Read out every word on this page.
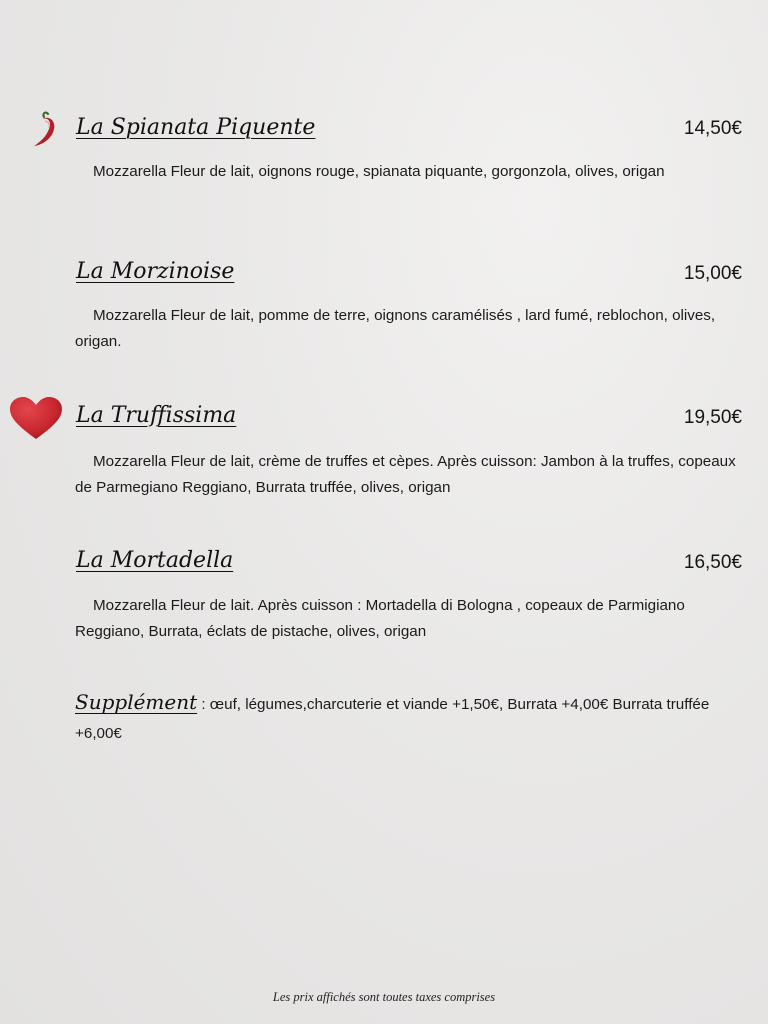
La Spianata Piquente	14,50€
Mozzarella Fleur de lait, oignons rouge, spianata piquante, gorgonzola, olives, origan
La Morzinoise	15,00€
Mozzarella Fleur de lait, pomme de terre, oignons caramélisés , lard fumé, reblochon, olives, origan.
La Truffissima	19,50€
Mozzarella Fleur de lait, crème de truffes et cèpes. Après cuisson: Jambon à la truffes, copeaux de Parmegiano Reggiano, Burrata truffée, olives, origan
La Mortadella	16,50€
Mozzarella Fleur de lait. Après cuisson : Mortadella di Bologna , copeaux de Parmigiano Reggiano, Burrata, éclats de pistache, olives, origan
Supplément : œuf, légumes,charcuterie et viande +1,50€, Burrata +4,00€ Burrata truffée +6,00€
Les prix affichés sont toutes taxes comprises
